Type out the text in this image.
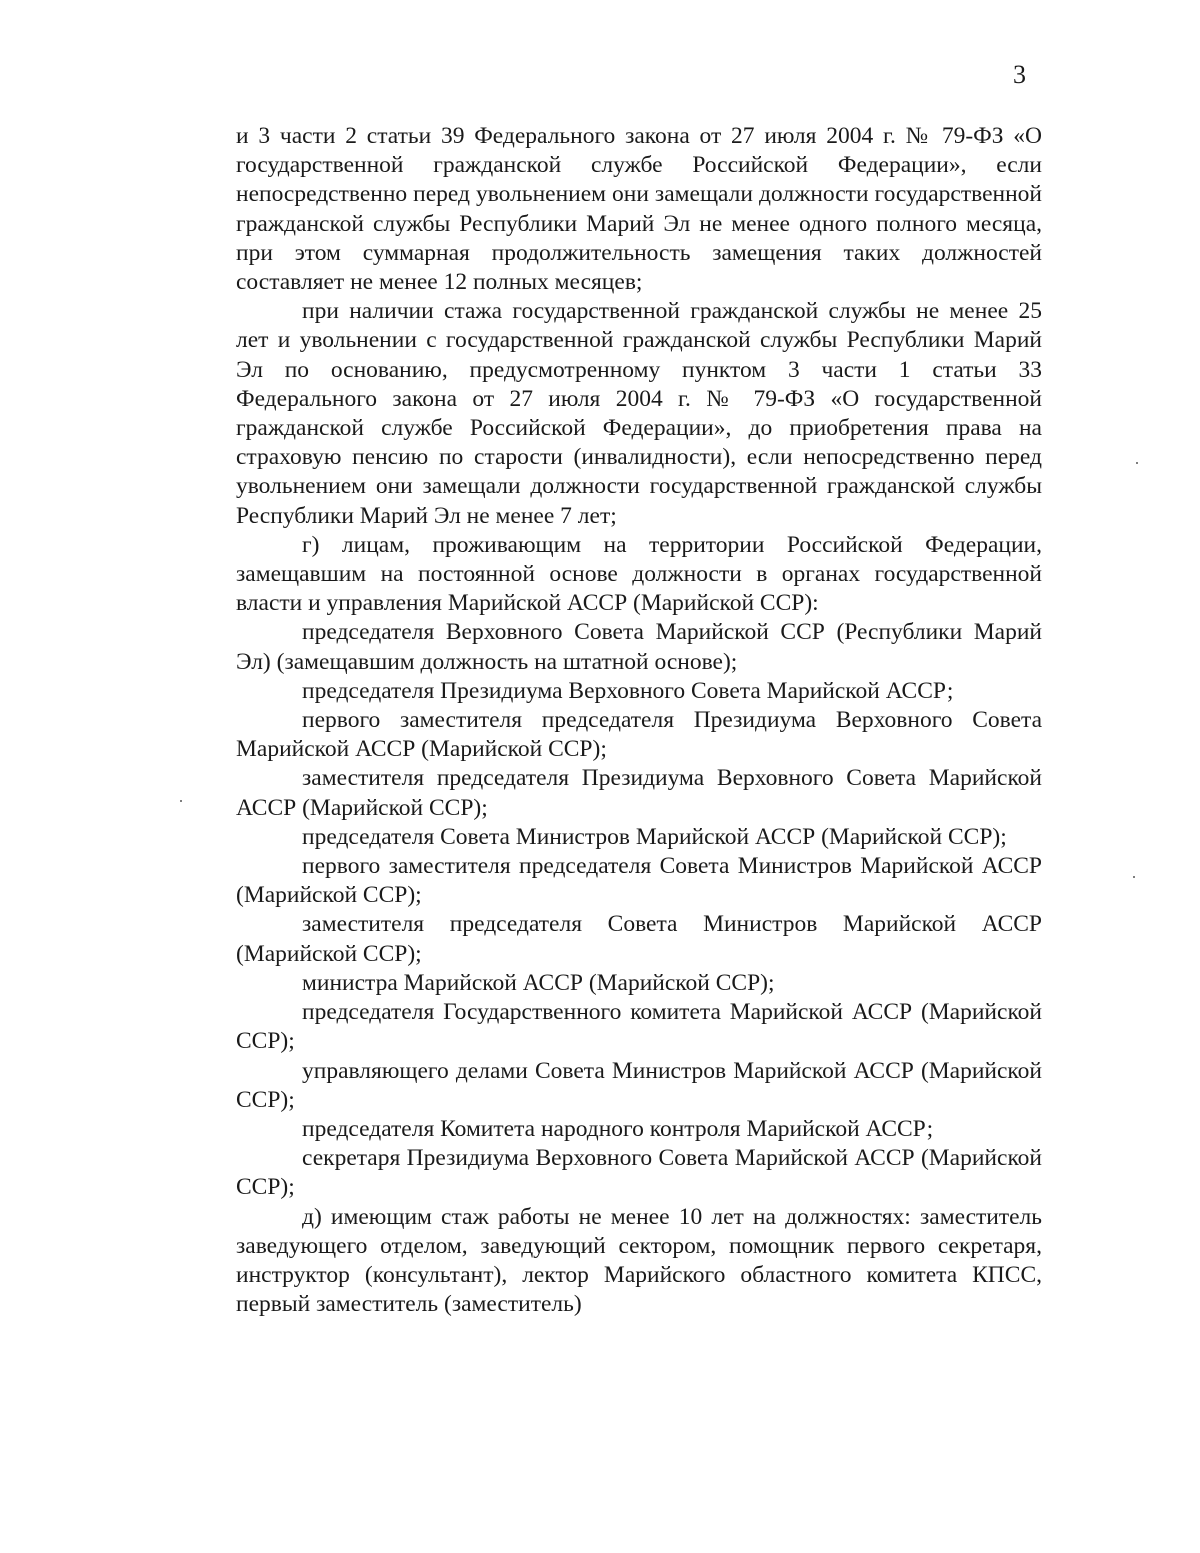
3

и 3 части 2 статьи 39 Федерального закона от 27 июля 2004 г. № 79-ФЗ «О государственной гражданской службе Российской Федерации», если непосредственно перед увольнением они замещали должности государственной гражданской службы Республики Марий Эл не менее одного полного месяца, при этом суммарная продолжительность замещения таких должностей составляет не менее 12 полных месяцев;

при наличии стажа государственной гражданской службы не менее 25 лет и увольнении с государственной гражданской службы Республики Марий Эл по основанию, предусмотренному пунктом 3 части 1 статьи 33 Федерального закона от 27 июля 2004 г. № 79-ФЗ «О государственной гражданской службе Российской Федерации», до приобретения права на страховую пенсию по старости (инвалидности), если непосредственно перед увольнением они замещали должности государственной гражданской службы Республики Марий Эл не менее 7 лет;

г) лицам, проживающим на территории Российской Федерации, замещавшим на постоянной основе должности в органах государственной власти и управления Марийской АССР (Марийской ССР):

председателя Верховного Совета Марийской ССР (Республики Марий Эл) (замещавшим должность на штатной основе);

председателя Президиума Верховного Совета Марийской АССР;

первого заместителя председателя Президиума Верховного Совета Марийской АССР (Марийской ССР);

заместителя председателя Президиума Верховного Совета Марийской АССР (Марийской ССР);

председателя Совета Министров Марийской АССР (Марийской ССР);

первого заместителя председателя Совета Министров Марийской АССР (Марийской ССР);

заместителя председателя Совета Министров Марийской АССР (Марийской ССР);

министра Марийской АССР (Марийской ССР);

председателя Государственного комитета Марийской АССР (Марийской ССР);

управляющего делами Совета Министров Марийской АССР (Марийской ССР);

председателя Комитета народного контроля Марийской АССР;

секретаря Президиума Верховного Совета Марийской АССР (Марийской ССР);

д) имеющим стаж работы не менее 10 лет на должностях: заместитель заведующего отделом, заведующий сектором, помощник первого секретаря, инструктор (консультант), лектор Марийского областного комитета КПСС, первый заместитель (заместитель)
